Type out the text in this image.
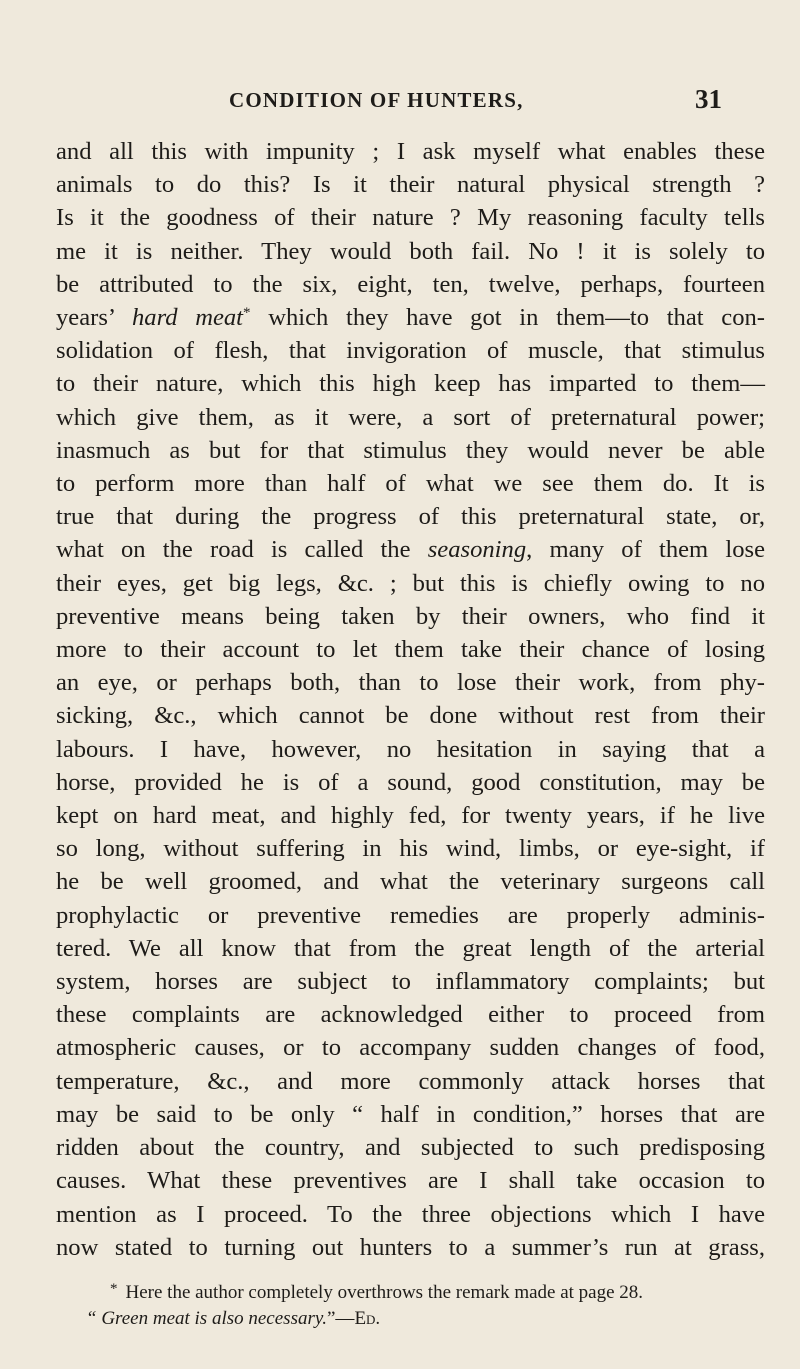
CONDITION OF HUNTERS,	31
and all this with impunity ; I ask myself what enables these
animals to do this? Is it their natural physical strength ?
Is it the goodness of their nature ? My reasoning faculty tells
me it is neither. They would both fail. No ! it is solely to
be attributed to the six, eight, ten, twelve, perhaps, fourteen
years’ hard meat* which they have got in them—to that con-
solidation of flesh, that invigoration of muscle, that stimulus
to their nature, which this high keep has imparted to them—
which give them, as it were, a sort of preternatural power;
inasmuch as but for that stimulus they would never be able
to perform more than half of what we see them do. It is
true that during the progress of this preternatural state, or,
what on the road is called the seasoning, many of them lose
their eyes, get big legs, &c. ; but this is chiefly owing to no
preventive means being taken by their owners, who find it
more to their account to let them take their chance of losing
an eye, or perhaps both, than to lose their work, from phy-
sicking, &c., which cannot be done without rest from their
labours. I have, however, no hesitation in saying that a
horse, provided he is of a sound, good constitution, may be
kept on hard meat, and highly fed, for twenty years, if he live
so long, without suffering in his wind, limbs, or eye-sight, if
he be well groomed, and what the veterinary surgeons call
prophylactic or preventive remedies are properly adminis-
tered. We all know that from the great length of the arterial
system, horses are subject to inflammatory complaints; but
these complaints are acknowledged either to proceed from
atmospheric causes, or to accompany sudden changes of food,
temperature, &c., and more commonly attack horses that
may be said to be only “ half in condition,” horses that are
ridden about the country, and subjected to such predisposing
causes. What these preventives are I shall take occasion to
mention as I proceed. To the three objections which I have
now stated to turning out hunters to a summer’s run at grass,
* Here the author completely overthrows the remark made at page 28.
“ Green meat is also necessary.”—Ed.
